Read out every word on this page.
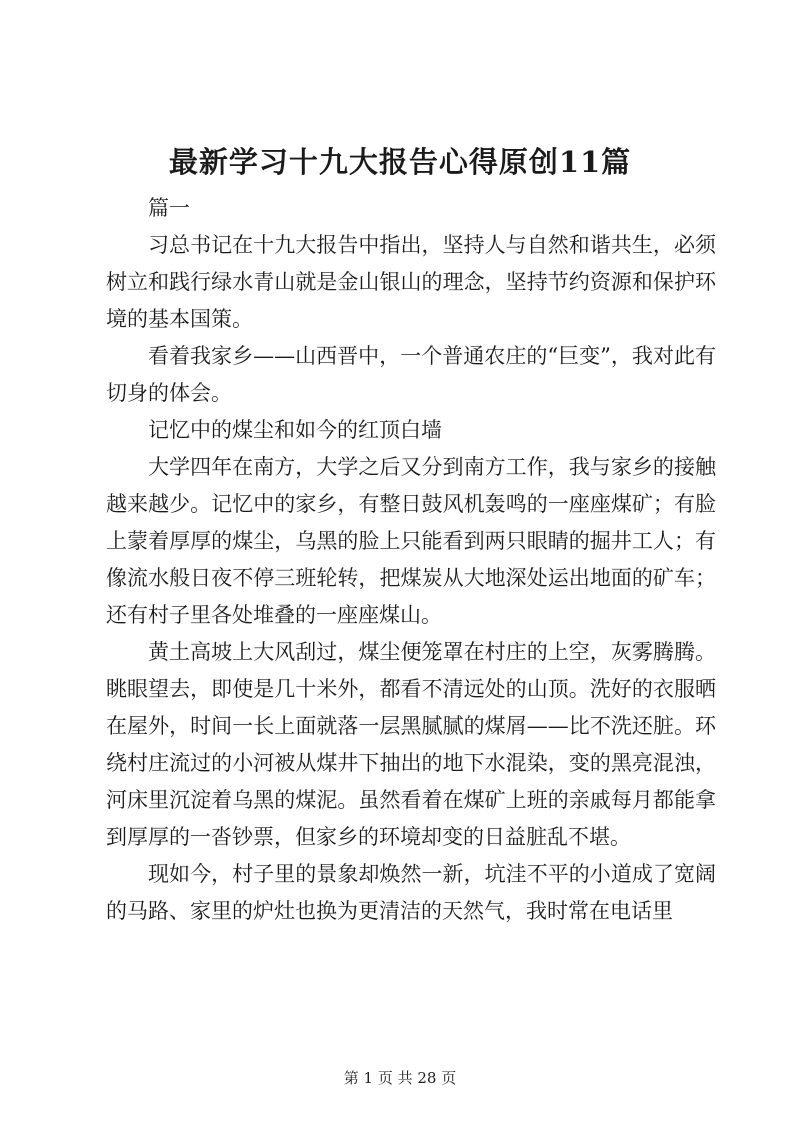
最新学习十九大报告心得原创11篇

篇一

习总书记在十九大报告中指出，坚持人与自然和谐共生，必须树立和践行绿水青山就是金山银山的理念，坚持节约资源和保护环境的基本国策。

看着我家乡——山西晋中，一个普通农庄的“巨变”，我对此有切身的体会。

记忆中的煤尘和如今的红顶白墙

大学四年在南方，大学之后又分到南方工作，我与家乡的接触越来越少。记忆中的家乡，有整日鼓风机轰鸣的一座座煤矿；有脸上蒙着厚厚的煤尘，乌黑的脸上只能看到两只眼睛的掘井工人；有像流水般日夜不停三班轮转，把煤炭从大地深处运出地面的矿车；还有村子里各处堆叠的一座座煤山。

黄土高坡上大风刮过，煤尘便笼罩在村庄的上空，灰雾腾腾。眺眼望去，即使是几十米外，都看不清远处的山顶。洗好的衣服晒在屋外，时间一长上面就落一层黑腻腻的煤屑——比不洗还脏。环绕村庄流过的小河被从煤井下抽出的地下水混染，变的黑亮混浊，河床里沉淀着乌黑的煤泥。虽然看着在煤矿上班的亲戚每月都能拿到厚厚的一沓钞票，但家乡的环境却变的日益脏乱不堪。

现如今，村子里的景象却焕然一新，坑洼不平的小道成了宽阔的马路、家里的炉灶也换为更清洁的天然气，我时常在电话里

第 1 页 共 28 页
